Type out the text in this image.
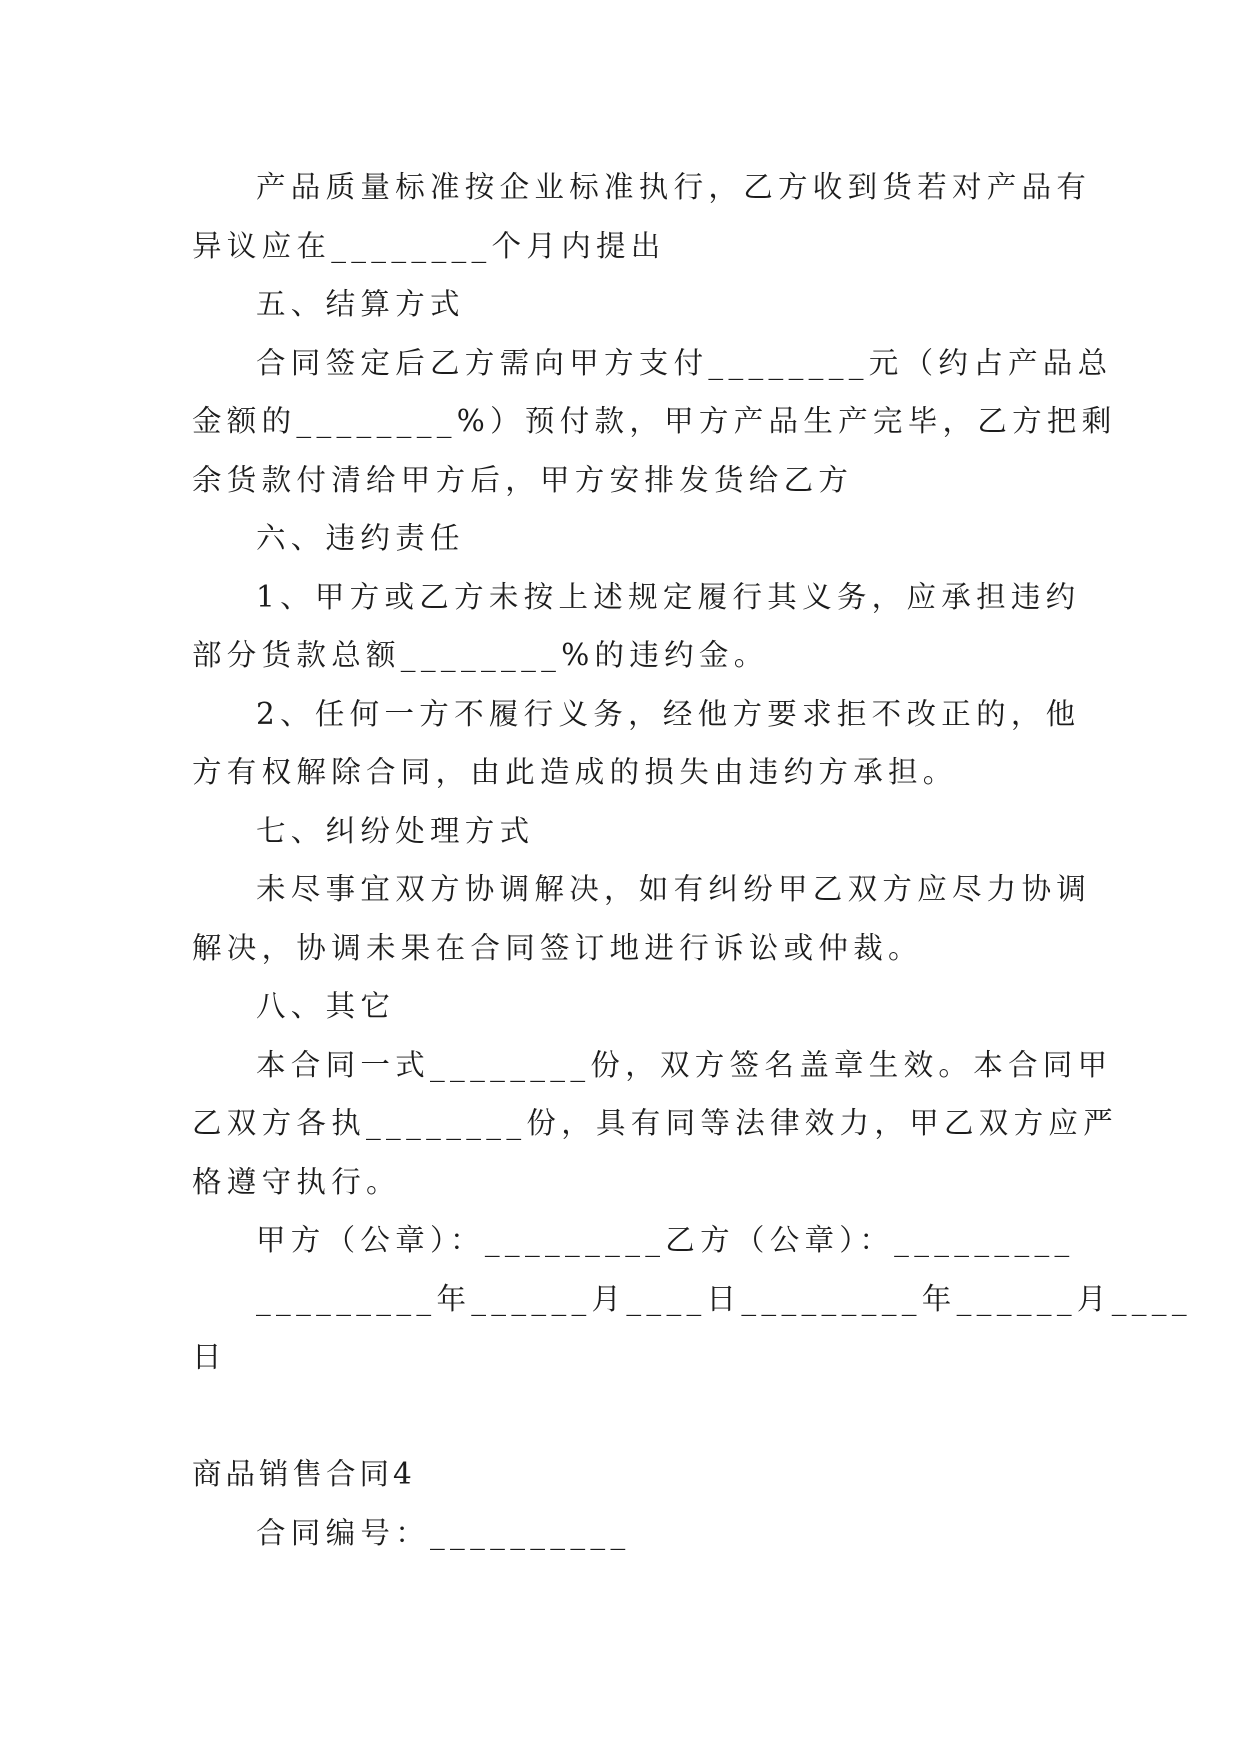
产品质量标准按企业标准执行，乙方收到货若对产品有
异议应在________个月内提出
五、结算方式
合同签定后乙方需向甲方支付________元（约占产品总
金额的________%）预付款，甲方产品生产完毕，乙方把剩
余货款付清给甲方后，甲方安排发货给乙方
六、违约责任
1、甲方或乙方未按上述规定履行其义务，应承担违约
部分货款总额________%的违约金。
2、任何一方不履行义务，经他方要求拒不改正的，他
方有权解除合同，由此造成的损失由违约方承担。
七、纠纷处理方式
未尽事宜双方协调解决，如有纠纷甲乙双方应尽力协调
解决，协调未果在合同签订地进行诉讼或仲裁。
八、其它
本合同一式________份，双方签名盖章生效。本合同甲
乙双方各执________份，具有同等法律效力，甲乙双方应严
格遵守执行。
甲方（公章）：_________乙方（公章）：_________
_________年______月____日_________年______月____
日
商品销售合同4
合同编号：__________
